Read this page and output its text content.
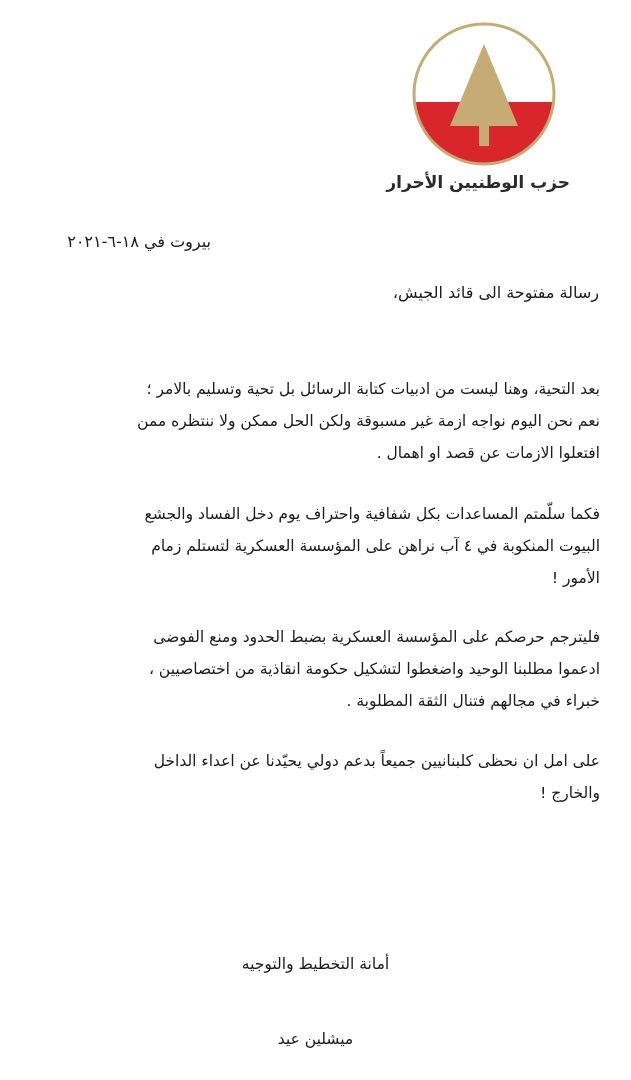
حزب الوطنيين الأحرار
بيروت في ١٨-٦-٢٠٢١
رسالة مفتوحة الى قائد الجيش،
بعد التحية، وهنا ليست من ادبيات كتابة الرسائل بل تحية وتسليم بالامر ؛
نعم نحن اليوم نواجه ازمة غير مسبوقة ولكن الحل ممكن ولا ننتظره ممن
افتعلوا الازمات عن قصد او اهمال .
فكما سلّمتم المساعدات بكل شفافية واحتراف يوم دخل الفساد والجشع
البيوت المنكوبة في ٤ آب نراهن على المؤسسة العسكرية لتستلم زمام
الأمور !
فليترجم حرصكم على المؤسسة العسكرية بضبط الحدود ومنع الفوضى
ادعموا مطلبنا الوحيد واضغطوا لتشكيل حكومة انقاذية من اختصاصيين ،
خبراء في مجالهم فتنال الثقة المطلوبة .
على امل ان نحظى كلبنانيين جميعاً بدعم دولي يحيّدنا عن اعداء الداخل
والخارج !
أمانة التخطيط والتوجيه
ميشلين عيد
